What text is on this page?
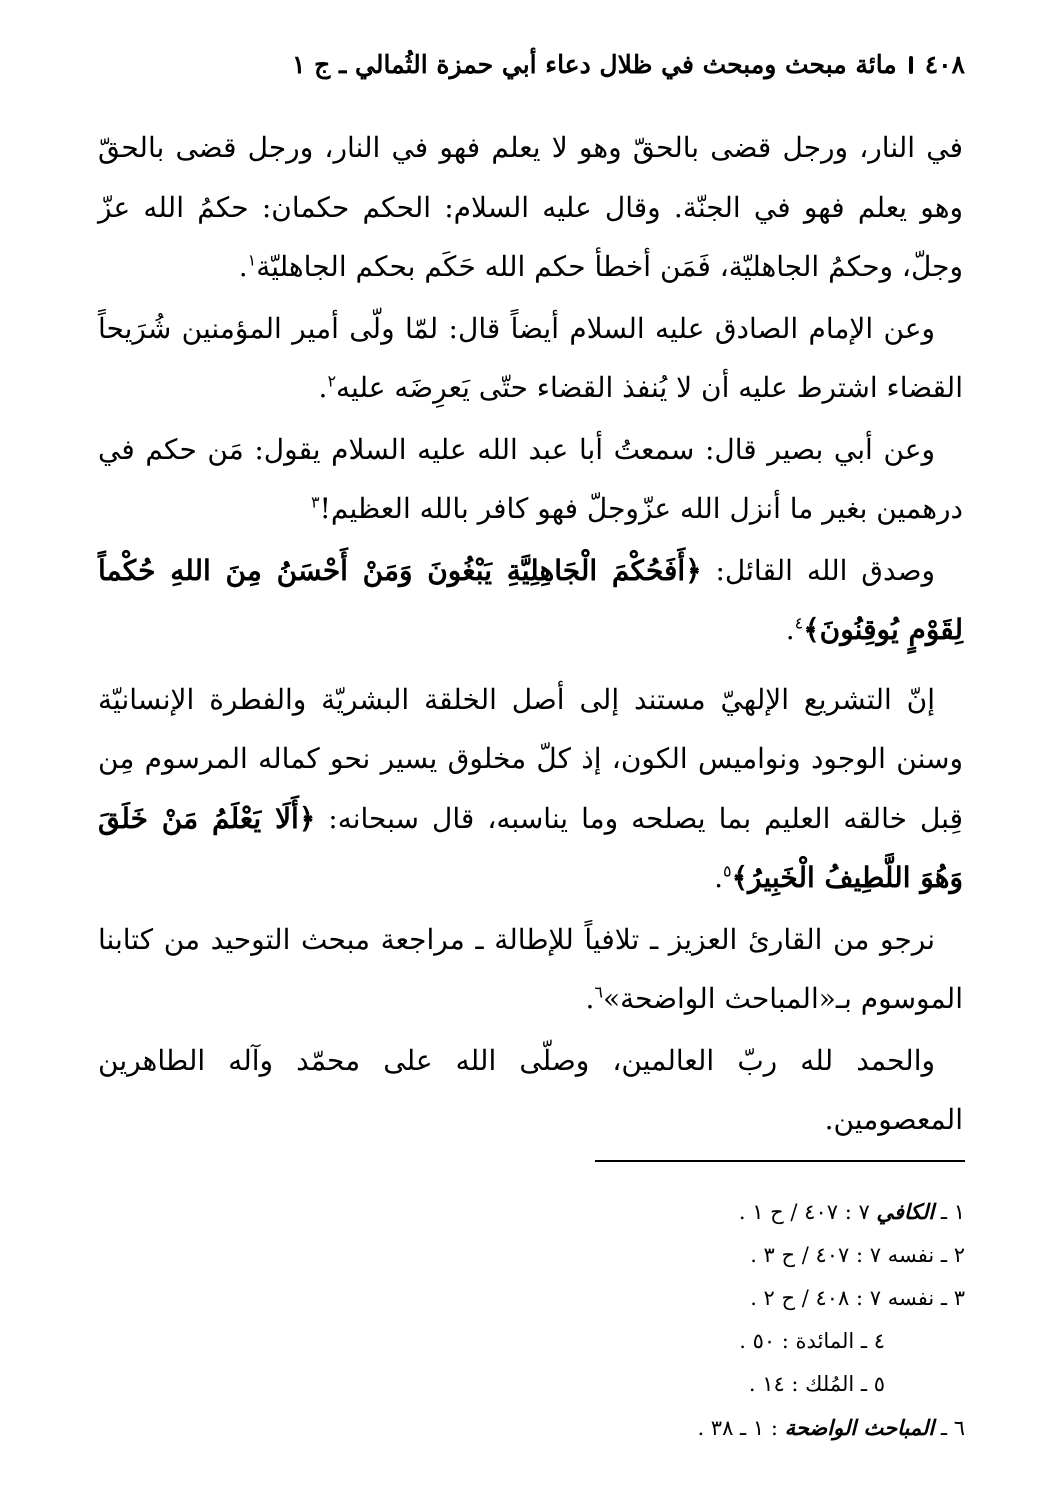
٤٠٨
مائة مبحث ومبحث في ظلال دعاء أبي حمزة الثُمالي ـ ج ١

في النار، ورجل قضى بالحقّ وهو لا يعلم فهو في النار، ورجل قضى بالحقّ وهو يعلم فهو في الجنّة. وقال عليه السلام: الحكم حكمان: حكمُ الله عزّ وجلّ، وحكمُ الجاهليّة، فَمَن أخطأ حكم الله حَكَم بحكم الجاهليّة$^١$.

وعن الإمام الصادق عليه السلام أيضاً قال: لمّا ولّى أمير المؤمنين شُرَيحاً القضاء اشترط عليه أن لا يُنفذ القضاء حتّى يَعرِضَه عليه$^٢$.

وعن أبي بصير قال: سمعتُ أبا عبد الله عليه السلام يقول: مَن حكم في درهمين بغير ما أنزل الله عزّوجلّ فهو كافر بالله العظيم!$^٣$

وصدق الله القائل: ﴿أَفَحُكْمَ الْجَاهِلِيَّةِ يَبْغُونَ وَمَنْ أَحْسَنُ مِنَ اللهِ حُكْماً لِقَوْمٍ يُوقِنُونَ﴾$^٤$.

إنّ التشريع الإلهيّ مستند إلى أصل الخلقة البشريّة والفطرة الإنسانيّة وسنن الوجود ونواميس الكون، إذ كلّ مخلوق يسير نحو كماله المرسوم مِن قِبل خالقه العليم بما يصلحه وما يناسبه، قال سبحانه: ﴿أَلَا يَعْلَمُ مَنْ خَلَقَ وَهُوَ اللَّطِيفُ الْخَبِيرُ﴾$^٥$.

نرجو من القارئ العزيز ـ تلافياً للإطالة ـ مراجعة مبحث التوحيد من كتابنا الموسوم بـ«المباحث الواضحة»$^٦$.

والحمد لله ربّ العالمين، وصلّى الله على محمّد وآله الطاهرين المعصومين.

١ ـ الكافي ٧ : ٤٠٧ / ح ١ .
٢ ـ نفسه ٧ : ٤٠٧ / ح ٣ .
٣ ـ نفسه ٧ : ٤٠٨ / ح ٢ .
٤ ـ المائدة : ٥٠ .
٥ ـ المُلك : ١٤ .
٦ ـ المباحث الواضحة : ١ ـ ٣٨ .
